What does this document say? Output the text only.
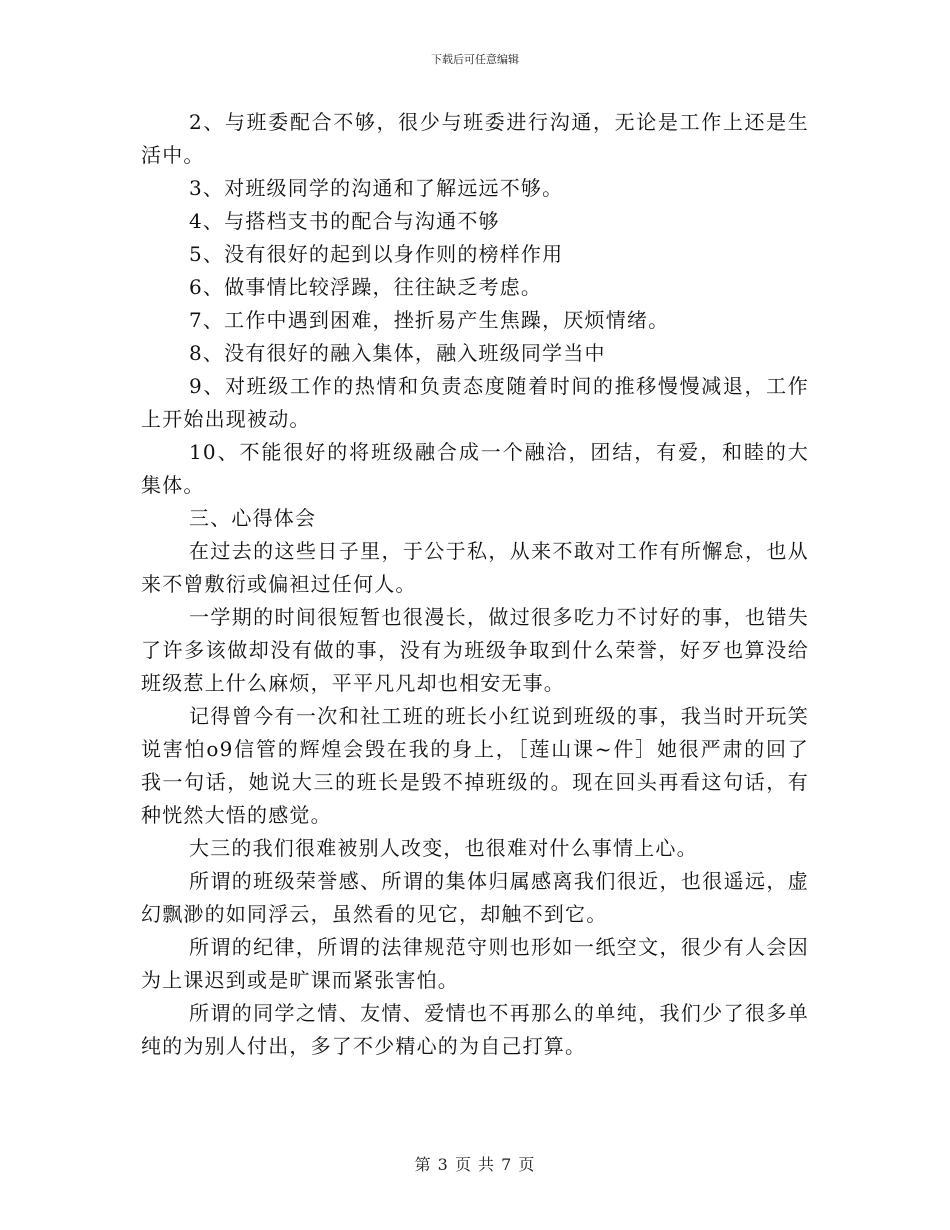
下载后可任意编辑

2、与班委配合不够，很少与班委进行沟通，无论是工作上还是生活中。

3、对班级同学的沟通和了解远远不够。

4、与搭档支书的配合与沟通不够

5、没有很好的起到以身作则的榜样作用

6、做事情比较浮躁，往往缺乏考虑。

7、工作中遇到困难，挫折易产生焦躁，厌烦情绪。

8、没有很好的融入集体，融入班级同学当中

9、对班级工作的热情和负责态度随着时间的推移慢慢减退，工作上开始出现被动。

10、不能很好的将班级融合成一个融洽，团结，有爱，和睦的大集体。

三、心得体会

在过去的这些日子里，于公于私，从来不敢对工作有所懈怠，也从来不曾敷衍或偏袒过任何人。

一学期的时间很短暂也很漫长，做过很多吃力不讨好的事，也错失了许多该做却没有做的事，没有为班级争取到什么荣誉，好歹也算没给班级惹上什么麻烦，平平凡凡却也相安无事。

记得曾今有一次和社工班的班长小红说到班级的事，我当时开玩笑说害怕o9信管的辉煌会毁在我的身上，［莲山课~件］她很严肃的回了我一句话，她说大三的班长是毁不掉班级的。现在回头再看这句话，有种恍然大悟的感觉。

大三的我们很难被别人改变，也很难对什么事情上心。

所谓的班级荣誉感、所谓的集体归属感离我们很近，也很遥远，虚幻飘渺的如同浮云，虽然看的见它，却触不到它。

所谓的纪律，所谓的法律规范守则也形如一纸空文，很少有人会因为上课迟到或是旷课而紧张害怕。

所谓的同学之情、友情、爱情也不再那么的单纯，我们少了很多单纯的为别人付出，多了不少精心的为自己打算。

第 3 页 共 7 页
